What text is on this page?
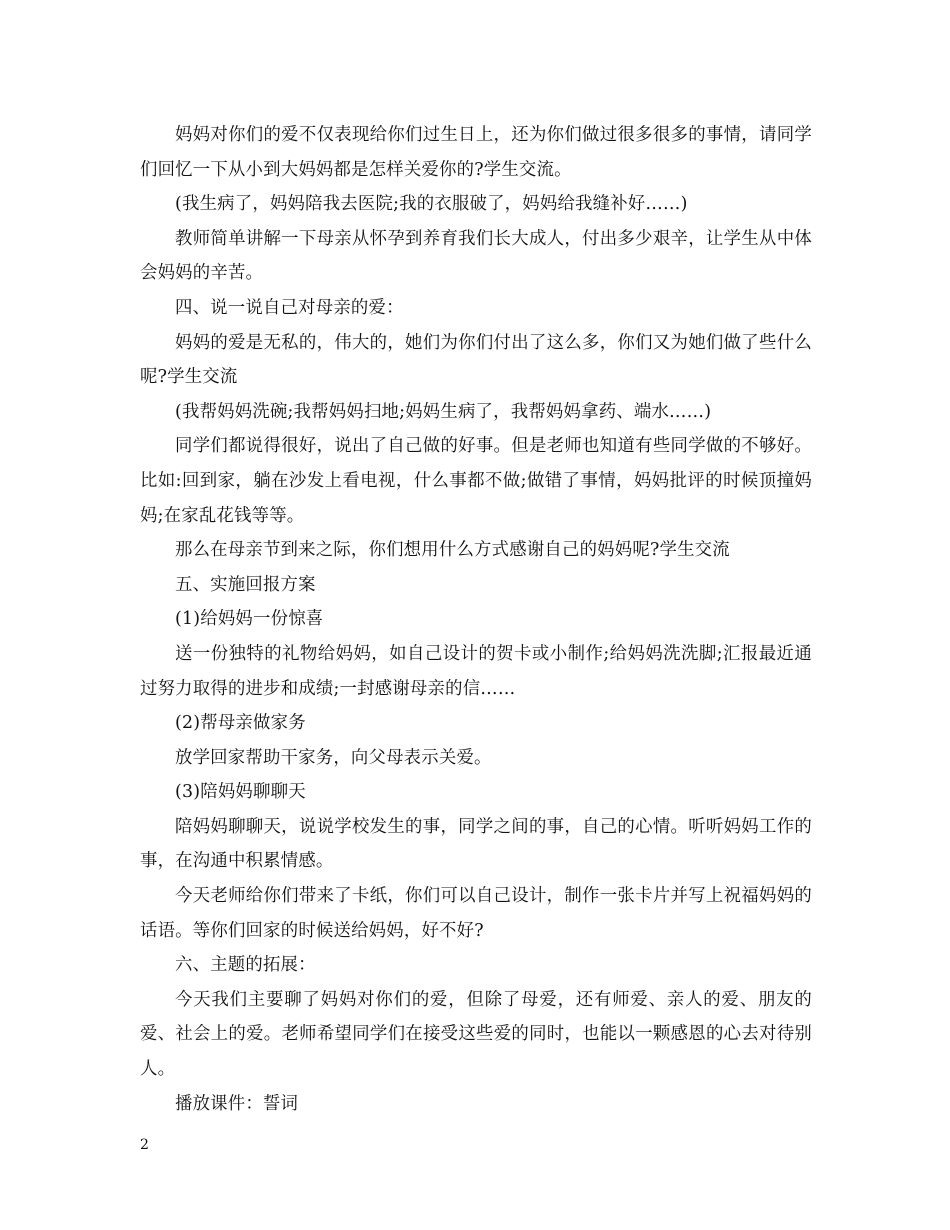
妈妈对你们的爱不仅表现给你们过生日上，还为你们做过很多很多的事情，请同学们回忆一下从小到大妈妈都是怎样关爱你的?学生交流。

(我生病了，妈妈陪我去医院;我的衣服破了，妈妈给我缝补好……)

教师简单讲解一下母亲从怀孕到养育我们长大成人，付出多少艰辛，让学生从中体会妈妈的辛苦。

四、说一说自己对母亲的爱：

妈妈的爱是无私的，伟大的，她们为你们付出了这么多，你们又为她们做了些什么呢?学生交流

(我帮妈妈洗碗;我帮妈妈扫地;妈妈生病了，我帮妈妈拿药、端水……)

同学们都说得很好，说出了自己做的好事。但是老师也知道有些同学做的不够好。比如:回到家，躺在沙发上看电视，什么事都不做;做错了事情，妈妈批评的时候顶撞妈妈;在家乱花钱等等。

那么在母亲节到来之际，你们想用什么方式感谢自己的妈妈呢?学生交流

五、实施回报方案

(1)给妈妈一份惊喜

送一份独特的礼物给妈妈，如自己设计的贺卡或小制作;给妈妈洗洗脚;汇报最近通过努力取得的进步和成绩;一封感谢母亲的信……

(2)帮母亲做家务

放学回家帮助干家务，向父母表示关爱。

(3)陪妈妈聊聊天

陪妈妈聊聊天，说说学校发生的事，同学之间的事，自己的心情。听听妈妈工作的事，在沟通中积累情感。

今天老师给你们带来了卡纸，你们可以自己设计，制作一张卡片并写上祝福妈妈的话语。等你们回家的时候送给妈妈，好不好?

六、主题的拓展：

今天我们主要聊了妈妈对你们的爱，但除了母爱，还有师爱、亲人的爱、朋友的爱、社会上的爱。老师希望同学们在接受这些爱的同时，也能以一颗感恩的心去对待别人。

播放课件：誓词

2
